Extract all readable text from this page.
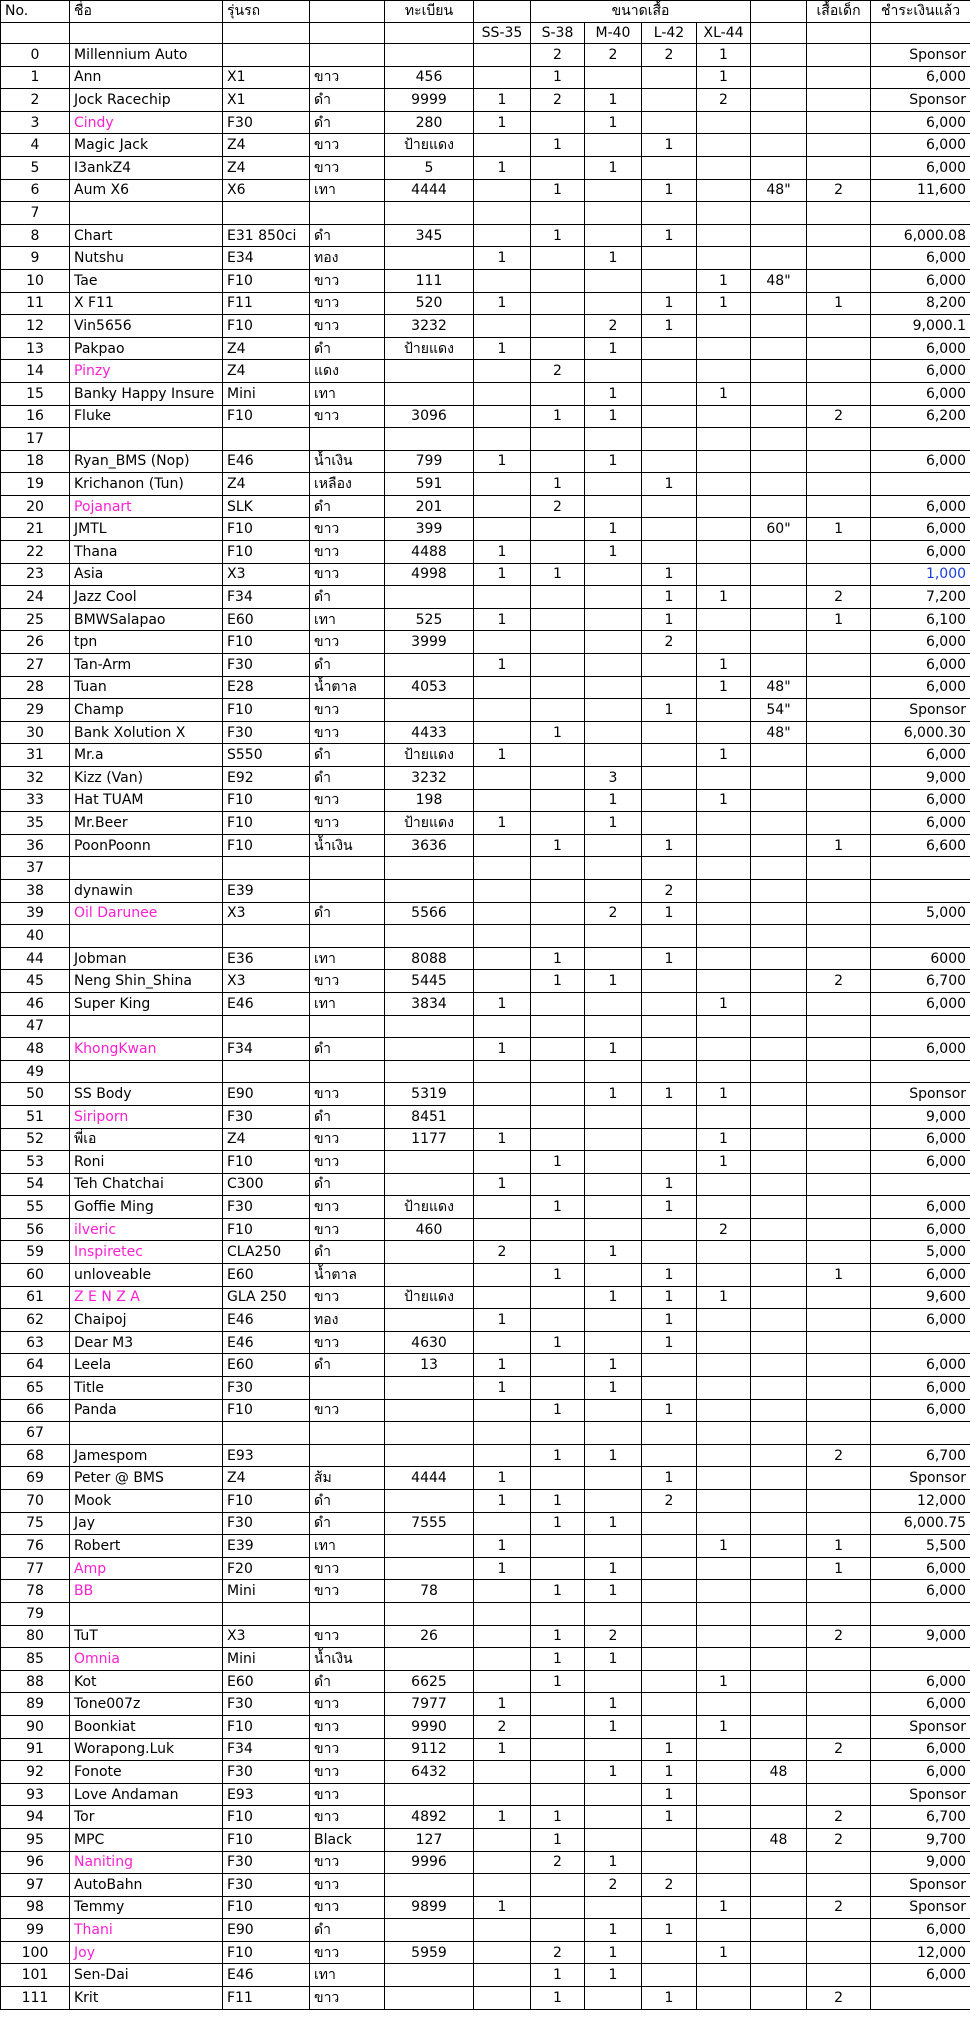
No.	ชื่อ	รุ่นรถ		ทะเบียน		ขนาดเสื้อ					เสื้อเด็ก	ชำระเงินแล้ว
					SS-35	S-38	M-40	L-42	XL-44			
0	Millennium Auto					2	2	2	1			Sponsor
1	Ann	X1	ขาว	456		1			1			6,000
2	Jock Racechip	X1	ดำ	9999	1	2	1		2			Sponsor
3	Cindy	F30	ดำ	280	1		1					6,000
4	Magic Jack	Z4	ขาว	ป้ายแดง		1		1				6,000
5	I3ankZ4	Z4	ขาว	5	1		1					6,000
6	Aum X6	X6	เทา	4444		1		1		48"	2	11,600
7												
8	Chart	E31 850ci	ดำ	345		1		1				6,000.08
9	Nutshu	E34	ทอง		1		1					6,000
10	Tae	F10	ขาว	111					1	48"		6,000
11	X F11	F11	ขาว	520	1			1	1		1	8,200
12	Vin5656	F10	ขาว	3232			2	1				9,000.1
13	Pakpao	Z4	ดำ	ป้ายแดง	1		1					6,000
14	Pinzy	Z4	แดง			2						6,000
15	Banky Happy Insure	Mini	เทา				1		1			6,000
16	Fluke	F10	ขาว	3096		1	1				2	6,200
17												
18	Ryan_BMS (Nop)	E46	น้ำเงิน	799	1		1					6,000
19	Krichanon (Tun)	Z4	เหลือง	591		1		1				
20	Pojanart	SLK	ดำ	201		2						6,000
21	JMTL	F10	ขาว	399			1			60"	1	6,000
22	Thana	F10	ขาว	4488	1		1					6,000
23	Asia	X3	ขาว	4998	1	1		1				1,000
24	Jazz Cool	F34	ดำ					1	1		2	7,200
25	BMWSalapao	E60	เทา	525	1			1			1	6,100
26	tpn	F10	ขาว	3999				2				6,000
27	Tan-Arm	F30	ดำ		1				1			6,000
28	Tuan	E28	น้ำตาล	4053					1	48"		6,000
29	Champ	F10	ขาว					1		54"		Sponsor
30	Bank Xolution X	F30	ขาว	4433		1				48"		6,000.30
31	Mr.a	S550	ดำ	ป้ายแดง	1				1			6,000
32	Kizz (Van)	E92	ดำ	3232			3					9,000
33	Hat TUAM	F10	ขาว	198			1		1			6,000
35	Mr.Beer	F10	ขาว	ป้ายแดง	1		1					6,000
36	PoonPoonn	F10	น้ำเงิน	3636		1		1			1	6,600
37												
38	dynawin	E39						2				
39	Oil Darunee	X3	ดำ	5566			2	1				5,000
40												
44	Jobman	E36	เทา	8088		1		1				6000
45	Neng Shin_Shina	X3	ขาว	5445		1	1				2	6,700
46	Super King	E46	เทา	3834	1				1			6,000
47												
48	KhongKwan	F34	ดำ		1		1					6,000
49												
50	SS Body	E90	ขาว	5319			1	1	1			Sponsor
51	Siriporn	F30	ดำ	8451								9,000
52	พี่เอ	Z4	ขาว	1177	1				1			6,000
53	Roni	F10	ขาว			1			1			6,000
54	Teh Chatchai	C300	ดำ		1			1				
55	Goffie Ming	F30	ขาว	ป้ายแดง		1		1				6,000
56	ilveric	F10	ขาว	460					2			6,000
59	Inspiretec	CLA250	ดำ		2		1					5,000
60	unloveable	E60	น้ำตาล			1		1			1	6,000
61	Z E N Z A	GLA 250	ขาว	ป้ายแดง			1	1	1			9,600
62	Chaipoj	E46	ทอง		1			1				6,000
63	Dear M3	E46	ขาว	4630		1		1				
64	Leela	E60	ดำ	13	1		1					6,000
65	Title	F30			1		1					6,000
66	Panda	F10	ขาว			1		1				6,000
67												
68	Jamespom	E93				1	1				2	6,700
69	Peter @ BMS	Z4	ส้ม	4444	1			1				Sponsor
70	Mook	F10	ดำ		1	1		2				12,000
75	Jay	F30	ดำ	7555		1	1					6,000.75
76	Robert	E39	เทา		1				1		1	5,500
77	Amp	F20	ขาว		1		1				1	6,000
78	BB	Mini	ขาว	78		1	1					6,000
79												
80	TuT	X3	ขาว	26		1	2				2	9,000
85	Omnia	Mini	น้ำเงิน			1	1					
88	Kot	E60	ดำ	6625		1			1			6,000
89	Tone007z	F30	ขาว	7977	1		1					6,000
90	Boonkiat	F10	ขาว	9990	2		1		1			Sponsor
91	Worapong.Luk	F34	ขาว	9112	1			1			2	6,000
92	Fonote	F30	ขาว	6432			1	1		48		6,000
93	Love Andaman	E93	ขาว					1				Sponsor
94	Tor	F10	ขาว	4892	1	1		1			2	6,700
95	MPC	F10	Black	127		1				48	2	9,700
96	Naniting	F30	ขาว	9996		2	1					9,000
97	AutoBahn	F30	ขาว				2	2				Sponsor
98	Temmy	F10	ขาว	9899	1				1		2	Sponsor
99	Thani	E90	ดำ				1	1				6,000
100	Joy	F10	ขาว	5959		2	1		1			12,000
101	Sen-Dai	E46	เทา			1	1					6,000
111	Krit	F11	ขาว			1		1			2	
